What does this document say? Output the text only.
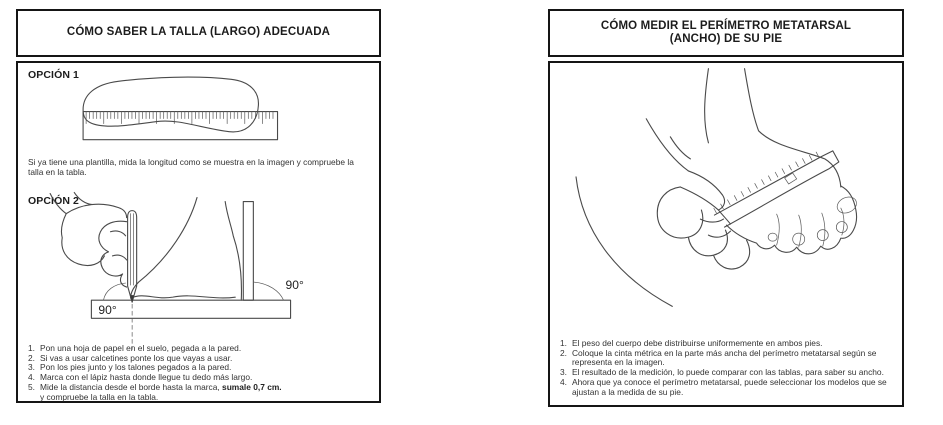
CÓMO SABER LA TALLA (LARGO) ADECUADA
OPCIÓN 1
Si ya tiene una plantilla, mida la longitud como se muestra en la imagen y compruebe la talla en la tabla.
OPCIÓN 2
90°
90°
1. Pon una hoja de papel en el suelo, pegada a la pared.
2. Si vas a usar calcetines ponte los que vayas a usar.
3. Pon los pies junto y los talones pegados a la pared.
4. Marca con el lápiz hasta donde llegue tu dedo más largo.
5. Mide la distancia desde el borde hasta la marca, sumale 0,7 cm.
y compruebe la talla en la tabla.
CÓMO MEDIR EL PERÍMETRO METATARSAL
(ANCHO) DE SU PIE
1. El peso del cuerpo debe distribuirse uniformemente en ambos pies.
2. Coloque la cinta métrica en la parte más ancha del perímetro metatarsal según se representa en la imagen.
3. El resultado de la medición, lo puede comparar con las tablas, para saber su ancho.
4. Ahora que ya conoce el perímetro metatarsal, puede seleccionar los modelos que se ajustan a la medida de su pie.
